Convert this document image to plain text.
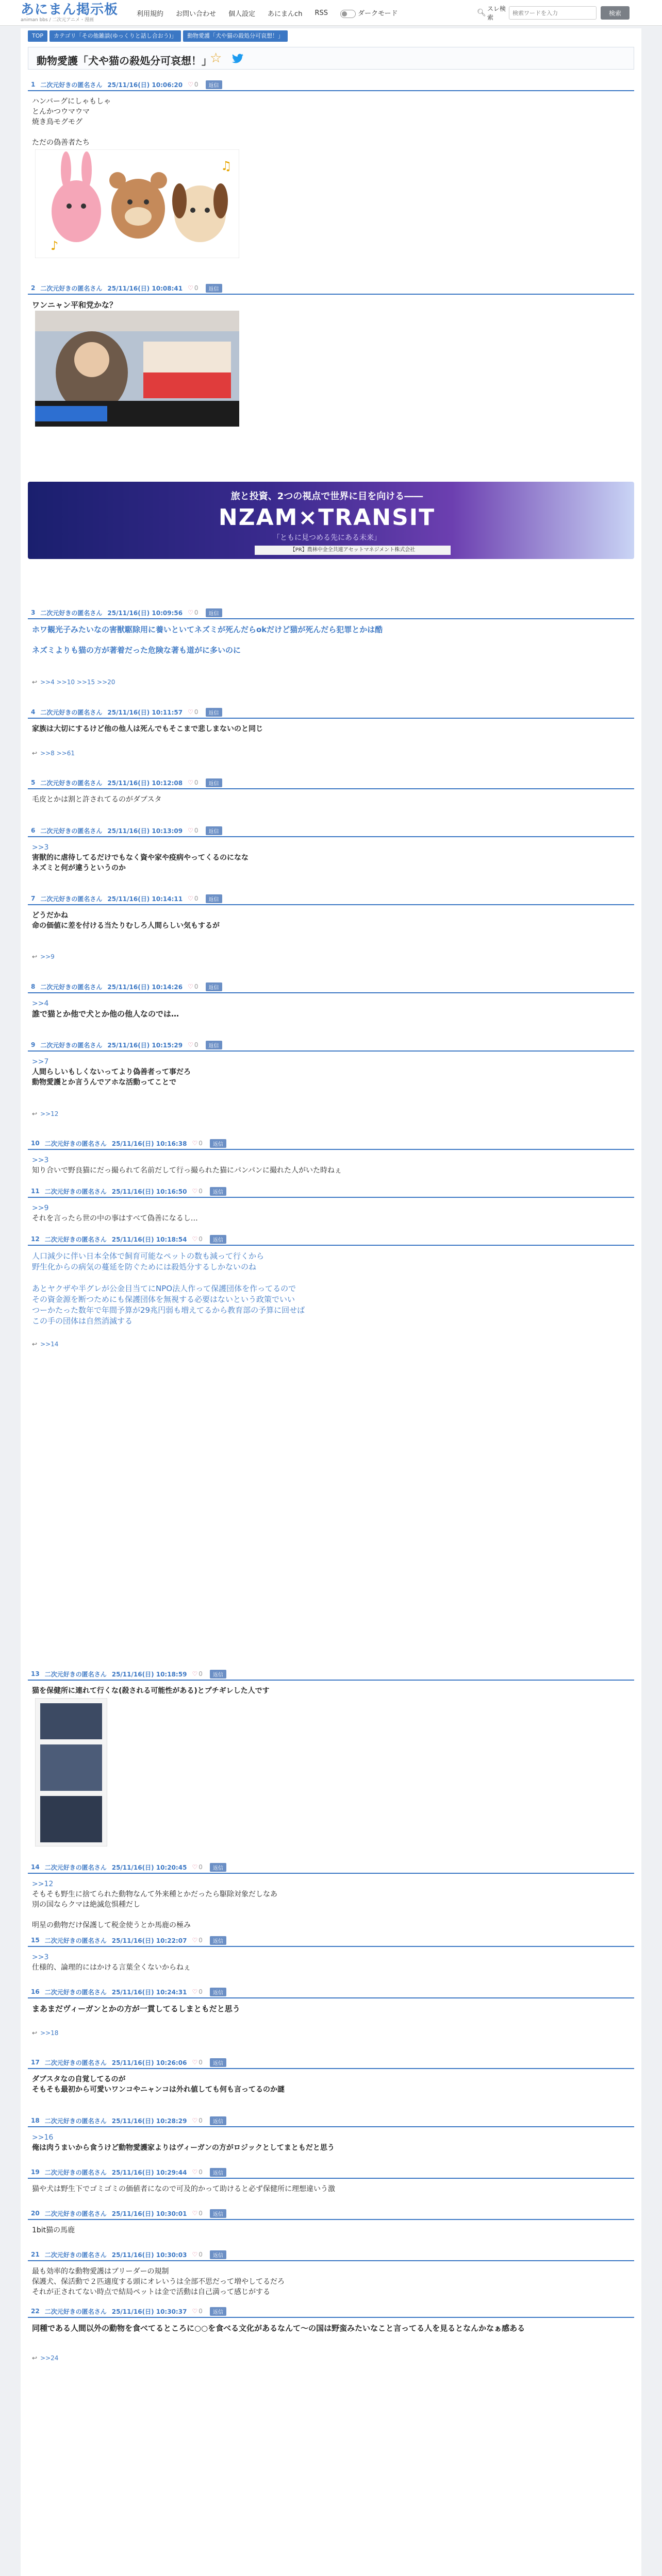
あにまん掲示板
animan bbs / 二次元アニメ・漫画
利用規約 お問い合わせ 個人設定 あにまんch RSS	ダークモード	🔍︎ スレ検索
検索ワードを入力
検索
TOP	カテゴリ「その他雑談(ゆっくりと話し合おう)」	動物愛護「犬や猫の殺処分可哀想！」
動物愛護「犬や猫の殺処分可哀想！」
☆
1 二次元好きの匿名さん 25/11/16(日) 10:06:20 ♡ 0	返信
ハンバーグにしゃもしゃ
とんかつウマウマ
焼き鳥モグモグ

ただの偽善者たち
♪
♫
2 二次元好きの匿名さん 25/11/16(日) 10:08:41 ♡ 0	返信
ワンニャン平和党かな？
旅と投資、2つの視点で世界に目を向ける――
NZAM×TRANSIT
「ともに見つめる先にある未来」
【PR】農林中金全共連アセットマネジメント株式会社
3 二次元好きの匿名さん 25/11/16(日) 10:09:56 ♡ 0	返信
ホワ観光子みたいなの害獣駆除用に養いといてネズミが死んだらokだけど猫が死んだら犯罪とかは酷

ネズミよりも猫の方が著着だった危険な著も道がに多いのに
↩ >>4 >>10 >>15 >>20
4 二次元好きの匿名さん 25/11/16(日) 10:11:57 ♡ 0	返信
家族は大切にするけど他の他人は死んでもそこまで悲しまないのと同じ
↩ >>8 >>61
5 二次元好きの匿名さん 25/11/16(日) 10:12:08 ♡ 0	返信
毛皮とかは割と許されてるのがダブスタ
6 二次元好きの匿名さん 25/11/16(日) 10:13:09 ♡ 0	返信
>>3
害獣的に虐待してるだけでもなく資や家や疫病やってくるのになな
ネズミと何が違うというのか
7 二次元好きの匿名さん 25/11/16(日) 10:14:11 ♡ 0	返信
どうだかね
命の価値に差を付ける当たりむしろ人間らしい気もするが
↩ >>9
8 二次元好きの匿名さん 25/11/16(日) 10:14:26 ♡ 0	返信
>>4
誰で猫とか他で犬とか他の他人なのでは…
9 二次元好きの匿名さん 25/11/16(日) 10:15:29 ♡ 0	返信
>>7
人間らしいもしくないってより偽善者って事だろ
動物愛護とか言うんでアホな活動ってことで
↩ >>12
10 二次元好きの匿名さん 25/11/16(日) 10:16:38 ♡ 0	返信
>>3
知り合いで野良猫にだっ撮られて名前だして行っ撮られた猫にパンパンに撮れた人がいた時ねぇ
11 二次元好きの匿名さん 25/11/16(日) 10:16:50 ♡ 0	返信
>>9
それを言ったら世の中の事はすべて偽善になるし…
12 二次元好きの匿名さん 25/11/16(日) 10:18:54 ♡ 0	返信
人口減少に伴い日本全体で飼育可能なペットの数も減って行くから
野生化からの病気の蔓延を防ぐためには殺処分するしかないのね

あとヤクザや半グレが公金目当てにNPO法人作って保護団体を作ってるので
その資金源を断つためにも保護団体を無視する必要はないという政策でいい
つーかたった数年で年間予算が29兆円弱も増えてるから教育部の予算に回せば
この手の団体は自然消滅する
↩ >>14
13 二次元好きの匿名さん 25/11/16(日) 10:18:59 ♡ 0	返信
猫を保健所に連れて行くな(殺される可能性がある)とプチギレした人です
14 二次元好きの匿名さん 25/11/16(日) 10:20:45 ♡ 0	返信
>>12
そもそも野生に捨てられた動物なんて外来種とかだったら駆除対象だしなあ
別の国ならクマは絶滅危惧種だし

明星の動物だけ保護して税金使うとか馬鹿の極み
15 二次元好きの匿名さん 25/11/16(日) 10:22:07 ♡ 0	返信
>>3
仕様的、論理的にはかける言葉全くないからねぇ
16 二次元好きの匿名さん 25/11/16(日) 10:24:31 ♡ 0	返信
まあまだヴィーガンとかの方が一貫してるしまともだと思う
↩ >>18
17 二次元好きの匿名さん 25/11/16(日) 10:26:06 ♡ 0	返信
ダブスタなの自覚してるのが
そもそも最初から可愛いワンコやニャンコは外れ値しても何も言ってるのか謎
18 二次元好きの匿名さん 25/11/16(日) 10:28:29 ♡ 0	返信
>>16
俺は肉うまいから食うけど動物愛護家よりはヴィーガンの方がロジックとしてまともだと思う
19 二次元好きの匿名さん 25/11/16(日) 10:29:44 ♡ 0	返信
猫や犬は野生下でゴミゴミの価値者になので可及的かって助けると必ず保健所に理想違いう激
20 二次元好きの匿名さん 25/11/16(日) 10:30:01 ♡ 0	返信
1bit猫の馬鹿
21 二次元好きの匿名さん 25/11/16(日) 10:30:03 ♡ 0	返信
最も効率的な動物愛護はブリーダーの規制
保護犬、保活動で２匹適度する頭にオレいうは全部不思だって増やしてるだろ
それが正されてない時点で結局ペットは金で活動は自己満って感じがする
22 二次元好きの匿名さん 25/11/16(日) 10:30:37 ♡ 0	返信
同種である人間以外の動物を食べてるところに○○を食べる文化があるなんて〜の国は野蛮みたいなこと言ってる人を見るとなんかなぁ感ある
↩ >>24
